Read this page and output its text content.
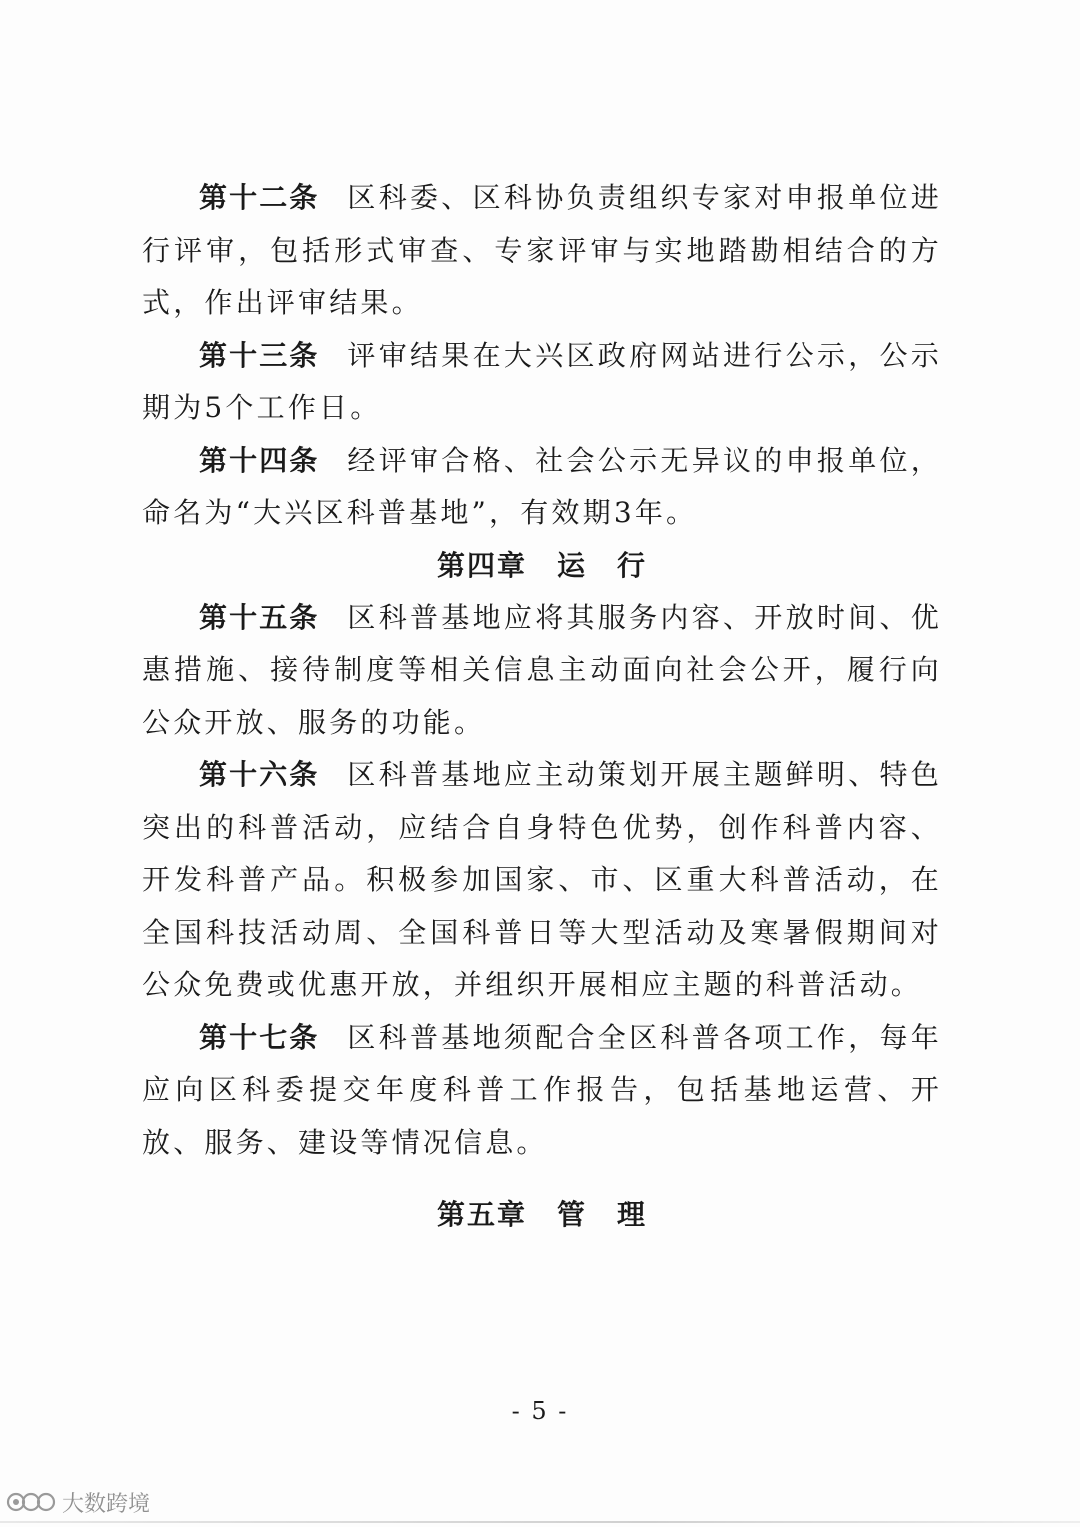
第十二条 区科委、区科协负责组织专家对申报单位进行评审，包括形式审查、专家评审与实地踏勘相结合的方式，作出评审结果。

第十三条 评审结果在大兴区政府网站进行公示，公示期为5个工作日。

第十四条 经评审合格、社会公示无异议的申报单位，命名为“大兴区科普基地”，有效期3年。

第四章 运　行

第十五条 区科普基地应将其服务内容、开放时间、优惠措施、接待制度等相关信息主动面向社会公开，履行向公众开放、服务的功能。

第十六条 区科普基地应主动策划开展主题鲜明、特色突出的科普活动，应结合自身特色优势，创作科普内容、开发科普产品。积极参加国家、市、区重大科普活动，在全国科技活动周、全国科普日等大型活动及寒暑假期间对公众免费或优惠开放，并组织开展相应主题的科普活动。

第十七条 区科普基地须配合全区科普各项工作，每年应向区科委提交年度科普工作报告，包括基地运营、开放、服务、建设等情况信息。

第五章 管　理

- 5 -
大数跨境
